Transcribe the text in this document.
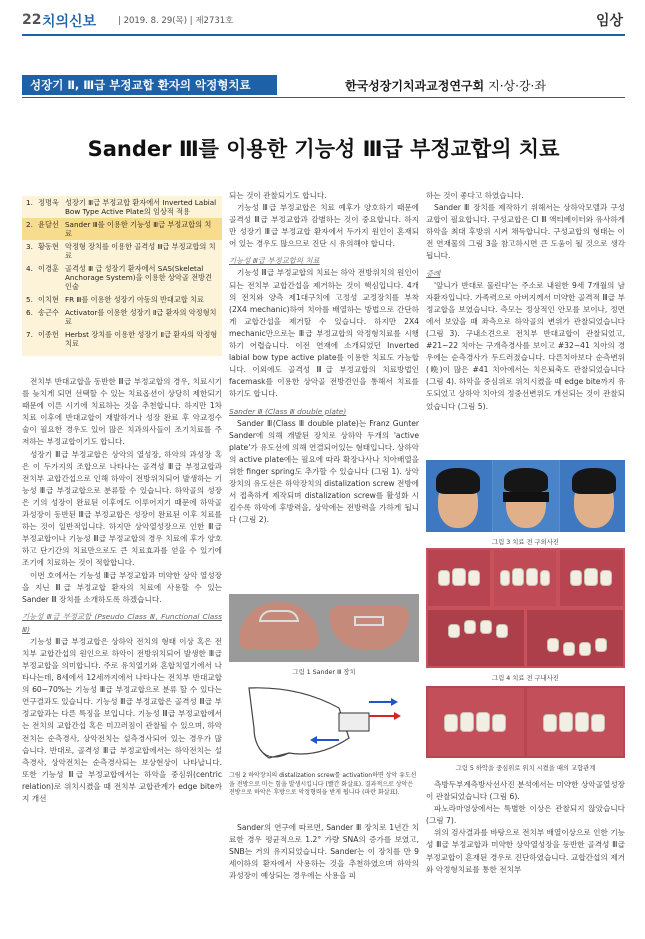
22 치의신보	| 2019. 8. 29(목) | 제2731호	임상
성장기 Ⅱ, Ⅲ급 부정교합 환자의 악정형치료	한국성장기치과교정연구회 지·상·강·좌
Sander Ⅲ를 이용한 기능성 Ⅲ급 부정교합의 치료
1. 정명욱 성장기 Ⅲ급 부정교합 환자에서 Inverted Labial Bow Type Active Plate의 임상적 적용
2. 윤달선 Sander Ⅲ를 이용한 기능성 Ⅲ급 부정교합의 치료
3. 황동현 악정형 장치를 이용한 골격성 Ⅲ급 부정교합의 치료
4. 이경훈 골격성 Ⅲ 급 성장기 환자에서 SAS(Skeletal Anchorage System)을 이용한 상악골 전방견인술
5. 이치현 FR Ⅲ를 이용한 성장기 아동의 반대교합 치료
6. 송근수 Activator를 이용한 성장기 Ⅱ급 환자의 악정형치료
7. 이종헌 Herbst 장치를 이용한 성장기 Ⅱ급 환자의 악정형치료

전치부 반대교합을 동반한 Ⅲ급 부정교합의 경우, 치료시기를 늦치게 되면 선택할 수 있는 치료옵션이 상당히 제한되기 때문에 이른 시기에 치료하는 것을 추천합니다. 하지만 1차 치료 이후에 반대교합이 재발하거나 성장 완료 후 악교정수술이 필요한 경우도 있어 많은 치과의사들이 조기치료를 주저하는 부정교합이기도 합니다.

성장기 Ⅲ급 부정교합은 상악의 열성장, 하악의 과성장 혹은 이 두가지의 조합으로 나타나는 골격성 Ⅲ급 부정교합과 전치부 교합간섭으로 인해 하악이 전방위치되어 발생하는 기능성 Ⅲ급 부정교합으로 분류할 수 있습니다. 하악골의 성장은 기의 성장이 완료된 이후에도 이루어지기 때문에 하악골 과성장이 동반된 Ⅲ급 부정교합은 성장이 완료된 이후 치료를 하는 것이 일반적입니다. 하지만 상악열성장으로 인한 Ⅲ급 부정교합이나 기능성 Ⅲ급 부정교합의 경우 치료에 후가 양호하고 단기간의 치료만으로도 큰 치료효과를 얻을 수 있기에 조기에 치료하는 것이 적합합니다.

이번 호에서는 기능성 Ⅲ급 부정교합과 미약한 상악 열성장을 지닌 Ⅲ급 부정교합 환자의 치료에 사용할 수 있는 Sander Ⅲ 장치를 소개하도록 하겠습니다.

기능성 Ⅲ급 부정교합 (Pseudo Class Ⅲ, Functional Class Ⅲ)

기능성 Ⅲ급 부정교합은 상하악 전치의 형태 이상 혹은 전치부 교합간섭의 원인으로 하악이 전방위치되어 발생한 Ⅲ급 부정교합을 의미합니다. 주로 유치열기와 혼합치열기에서 나타나는데, 8세에서 12세까지에서 나타나는 전치부 반대교합의 60~70%는 기능성 Ⅲ급 부정교합으로 분류 할 수 있다는 연구결과도 있습니다. 기능성 Ⅲ급 부정교합은 골격성 Ⅲ급 부정교합과는 다른 특징을 보입니다. 기능성 Ⅲ급 부정교합에서는 전치의 교합간섭 혹은 미끄러짐이 관찰될 수 있으며, 하악 전치는 순측경사, 상악전치는 설측경사되어 있는 경우가 많습니다. 반대로, 골격성 Ⅲ급 부정교합에서는 하악전치는 설측경사, 상악전치는 순측경사되는 보상현상이 나타납니다. 또한 기능성 Ⅲ급 부정교합에서는 하악을 중심위(centric relation)로 위치시켰을 때 전치부 교합관계가 edge bite까지 개선

되는 것이 관찰되기도 합니다.

기능성 Ⅲ급 부정교합은 치료 예후가 양호하기 때문에 골격성 Ⅲ급 부정교합과 감별하는 것이 중요합니다. 하지만 성장기 Ⅲ급 부정교합 환자에서 두가지 원인이 혼재되어 있는 경우도 많으므로 진단 시 유의해야 합니다.

기능성 Ⅲ급 부정교합의 치료

기능성 Ⅲ급 부정교합의 치료는 하악 전방위치의 원인이 되는 전치부 교합간섭을 제거하는 것이 핵심입니다. 4개의 전치와 양측 제1대구치에 고정성 교정장치를 부착(2X4 mechanic)하여 치아를 배열하는 방법으로 간단하게 교합간섭을 제거할 수 있습니다. 하지만 2X4 mechanic만으로는 Ⅲ급 부정교합의 악정형치료를 시행하기 어렵습니다. 이전 연재에 소개되었던 Inverted labial bow type active plate를 이용한 치료도 가능합니다. 이외에도 골격성 Ⅲ급 부정교합의 치료방법인 facemask를 이용한 상악골 전방견인을 통해서 치료를 하기도 합니다.

Sander Ⅲ (Class Ⅲ double plate)

Sander Ⅲ(Class Ⅲ double plate)는 Franz Gunter Sander에 의해 개발된 장치로 상하악 두개의 'active plate'가 유도선에 의해 연결되어있는 형태입니다. 상하악의 active plate에는 필요에 따라 확장나사나 치아배열을 위한 finger spring도 추가할 수 있습니다 (그림 1). 상악장치의 유도선은 하악장치의 distalization screw 전방에서 접촉하게 제작되며 distalization screw를 활성화 시킴수록 하악에 후방력을, 상악에는 전방력을 가하게 됩니다 (그림 2).

그림 1 Sander Ⅲ 장치
그림 2 하악장치의 distalization screw를 activation하면 상악 유도선을 전방으로 미는 힘을 발생시킵니다 (빨간 화살표). 결과적으로 상악은 전방으로 하악은 후방으로 악정형력을 받게 됩니다 (파란 화살표).

Sander의 연구에 따르면, Sander Ⅲ 장치로 1년간 치료한 경우 평균적으로 1.2° 가량 SNA의 증가를 보였고, SNB는 거의 유지되었습니다. Sander는 이 장치를 만 9세이하의 환자에서 사용하는 것을 추천하였으며 하악의 과성장이 예상되는 경우에는 사용을 피

하는 것이 좋다고 하였습니다.

Sander Ⅲ 장치를 제작하기 위해서는 상하악모델과 구성교합이 필요합니다. 구성교합은 Cl Ⅲ 액티베이터와 유사하게 하악을 최대 후방위 시켜 채득합니다. 구성교합의 형태는 이전 연재물의 그림 3을 참고하시면 큰 도움이 될 것으로 생각됩니다.

증례

'앞니가 반대로 물린다'는 주소로 내원한 9세 7개월의 남자환자입니다. 가족력으로 아버지께서 미약한 골격적 Ⅲ급 부정교합을 보였습니다. 측모는 정상적인 안모를 보이나, 정면에서 보았을 때 좌측으로 하악골의 변위가 관찰되었습니다 (그림 3). 구내소견으로 전치부 반대교합이 관찰되었고, #21~22 치아는 구개측경사를 보이고 #32~41 치아의 경우에는 순측경사가 두드러졌습니다. 다른치아보다 순측변위(晩)이 많은 #41 치아에서는 치은퇴축도 관찰되었습니다 (그림 4). 하악을 중심위로 위치시켰을 때 edge bite까지 유도되었고 상하악 치아의 정중선변위도 개선되는 것이 관찰되었습니다 (그림 5).

그림 3 치료 전 구외사진
그림 4 치료 전 구내사진
그림 5 하악을 중심위로 위치 시켰을 때의 교합관계

측방두부계측방사선사진 분석에서는 미약한 상악골열성장이 관찰되었습니다 (그림 6).

파노라마영상에서는 특별한 이상은 관찰되지 않았습니다 (그림 7).

위의 검사결과를 바탕으로 전치부 배열이상으로 인한 기능성 Ⅲ급 부정교합과 미약한 상악열성장을 동반한 골격성 Ⅲ급 부정교합이 혼재된 경우로 진단하였습니다. 교합간섭의 제거와 악정형치료를 통한 전치부
